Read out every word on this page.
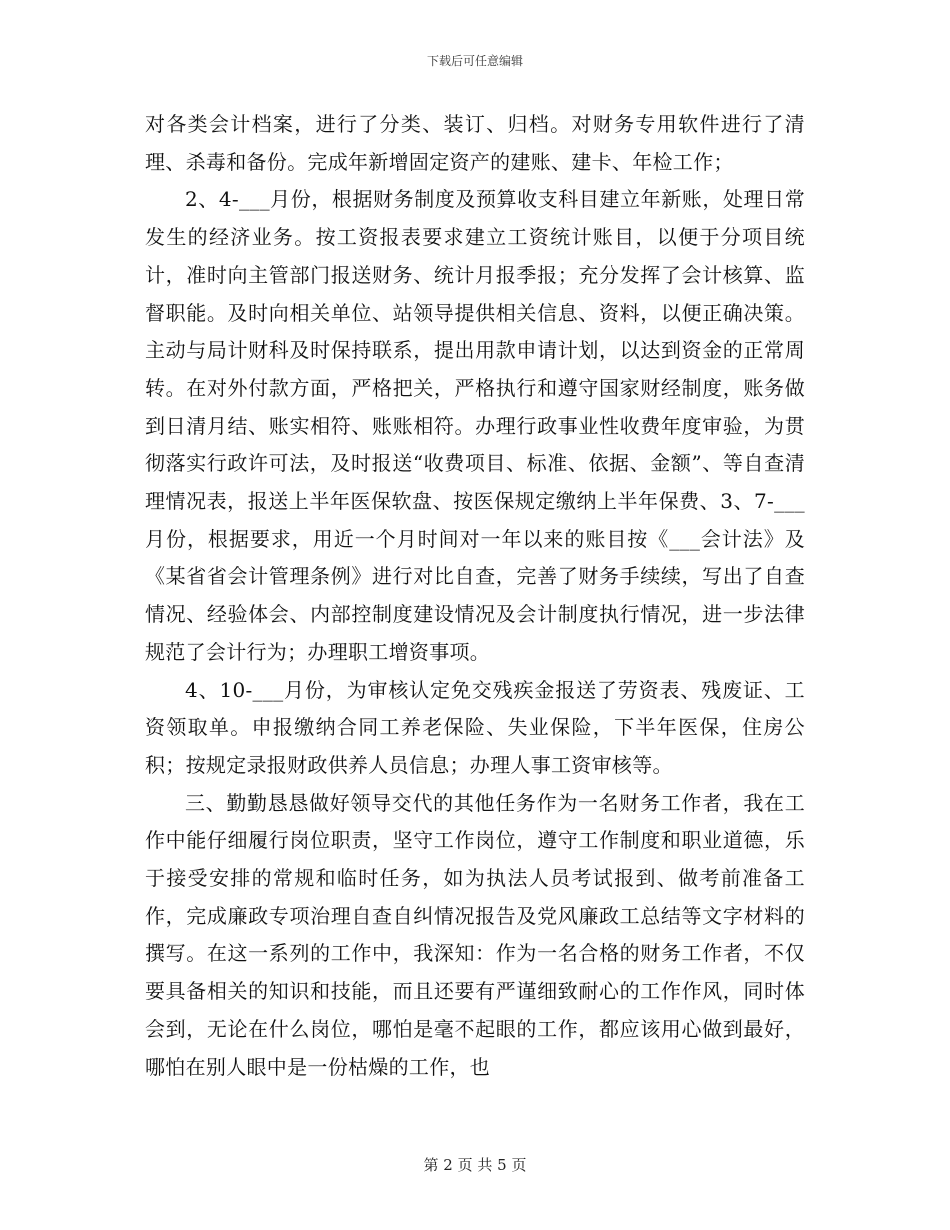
下载后可任意编辑

对各类会计档案，进行了分类、装订、归档。对财务专用软件进行了清理、杀毒和备份。完成年新增固定资产的建账、建卡、年检工作；

2、4-___月份，根据财务制度及预算收支科目建立年新账，处理日常发生的经济业务。按工资报表要求建立工资统计账目，以便于分项目统计，准时向主管部门报送财务、统计月报季报；充分发挥了会计核算、监督职能。及时向相关单位、站领导提供相关信息、资料，以便正确决策。主动与局计财科及时保持联系，提出用款申请计划，以达到资金的正常周转。在对外付款方面，严格把关，严格执行和遵守国家财经制度，账务做到日清月结、账实相符、账账相符。办理行政事业性收费年度审验，为贯彻落实行政许可法，及时报送“收费项目、标准、依据、金额”、等自查清理情况表，报送上半年医保软盘、按医保规定缴纳上半年保费、3、7-___月份，根据要求，用近一个月时间对一年以来的账目按《___会计法》及《某省省会计管理条例》进行对比自查，完善了财务手续续，写出了自查情况、经验体会、内部控制度建设情况及会计制度执行情况，进一步法律规范了会计行为；办理职工增资事项。

4、10-___月份，为审核认定免交残疾金报送了劳资表、残废证、工资领取单。申报缴纳合同工养老保险、失业保险，下半年医保，住房公积；按规定录报财政供养人员信息；办理人事工资审核等。

三、勤勤恳恳做好领导交代的其他任务作为一名财务工作者，我在工作中能仔细履行岗位职责，坚守工作岗位，遵守工作制度和职业道德，乐于接受安排的常规和临时任务，如为执法人员考试报到、做考前准备工作，完成廉政专项治理自查自纠情况报告及党风廉政工总结等文字材料的撰写。在这一系列的工作中，我深知：作为一名合格的财务工作者，不仅要具备相关的知识和技能，而且还要有严谨细致耐心的工作作风，同时体会到，无论在什么岗位，哪怕是毫不起眼的工作，都应该用心做到最好，哪怕在别人眼中是一份枯燥的工作，也

第 2 页 共 5 页
